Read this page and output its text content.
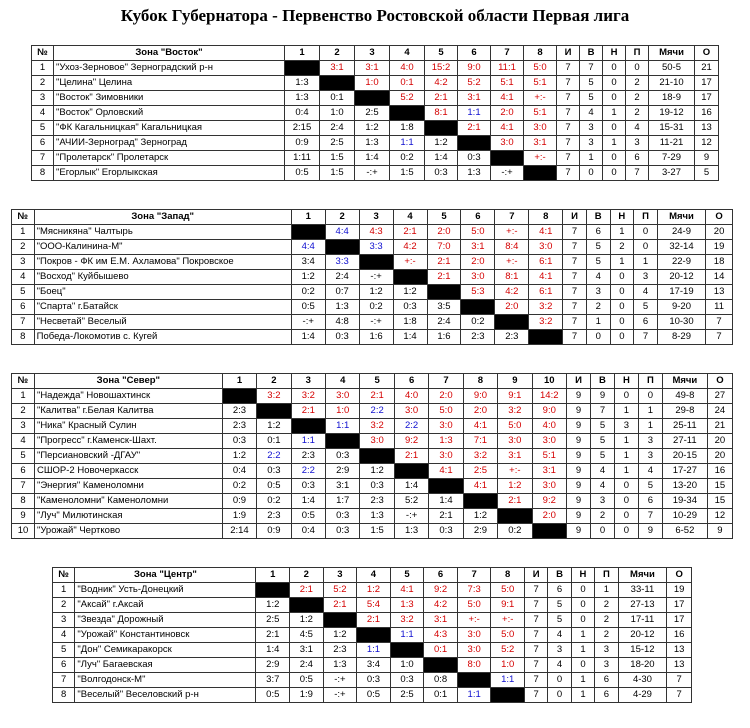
Кубок Губернатора - Первенство Ростовской области Первая лига
№	Зона "Восток"	1	2	3	4	5	6	7	8	И	В	Н	П	Мячи	О
1	"Ухоз-Зерновое" Зерноградский р-н		3:1	3:1	4:0	15:2	9:0	11:1	5:0	7	7	0	0	50-5	21
2	"Целина" Целина	1:3		1:0	0:1	4:2	5:2	5:1	5:1	7	5	0	2	21-10	17
3	"Восток" Зимовники	1:3	0:1		5:2	2:1	3:1	4:1	+:-	7	5	0	2	18-9	17
4	"Восток" Орловский	0:4	1:0	2:5		8:1	1:1	2:0	5:1	7	4	1	2	19-12	16
5	"ФК Кагальницкая" Кагальницкая	2:15	2:4	1:2	1:8		2:1	4:1	3:0	7	3	0	4	15-31	13
6	"АЧИИ-Зерноград" Зерноград	0:9	2:5	1:3	1:1	1:2		3:0	3:1	7	3	1	3	11-21	12
7	"Пролетарск" Пролетарск	1:11	1:5	1:4	0:2	1:4	0:3		+:-	7	1	0	6	7-29	9
8	"Егорлык" Егорлыкская	0:5	1:5	-:+	1:5	0:3	1:3	-:+		7	0	0	7	3-27	5
№	Зона "Запад"	1	2	3	4	5	6	7	8	И	В	Н	П	Мячи	О
1	"Мясникяна" Чалтырь		4:4	4:3	2:1	2:0	5:0	+:-	4:1	7	6	1	0	24-9	20
2	"ООО-Калинина-М"	4:4		3:3	4:2	7:0	3:1	8:4	3:0	7	5	2	0	32-14	19
3	"Покров - ФК им Е.М. Ахламова" Покровское	3:4	3:3		+:-	2:1	2:0	+:-	6:1	7	5	1	1	22-9	18
4	"Восход" Куйбышево	1:2	2:4	-:+		2:1	3:0	8:1	4:1	7	4	0	3	20-12	14
5	"Боец"	0:2	0:7	1:2	1:2		5:3	4:2	6:1	7	3	0	4	17-19	13
6	"Спарта" г.Батайск	0:5	1:3	0:2	0:3	3:5		2:0	3:2	7	2	0	5	9-20	11
7	"Несветай" Веселый	-:+	4:8	-:+	1:8	2:4	0:2		3:2	7	1	0	6	10-30	7
8	Победа-Локомотив с. Кугей	1:4	0:3	1:6	1:4	1:6	2:3	2:3		7	0	0	7	8-29	7
№	Зона "Север"	1	2	3	4	5	6	7	8	9	10	И	В	Н	П	Мячи	О
1	"Надежда" Новошахтинск		3:2	3:2	3:0	2:1	4:0	2:0	9:0	9:1	14:2	9	9	0	0	49-8	27
2	"Калитва" г.Белая Калитва	2:3		2:1	1:0	2:2	3:0	5:0	2:0	3:2	9:0	9	7	1	1	29-8	24
3	"Ника" Красный Сулин	2:3	1:2		1:1	3:2	2:2	3:0	4:1	5:0	4:0	9	5	3	1	25-11	21
4	"Прогресс" г.Каменск-Шахт.	0:3	0:1	1:1		3:0	9:2	1:3	7:1	3:0	3:0	9	5	1	3	27-11	20
5	"Персиановский -ДГАУ"	1:2	2:2	2:3	0:3		2:1	3:0	3:2	3:1	5:1	9	5	1	3	20-15	20
6	СШОР-2 Новочеркасск	0:4	0:3	2:2	2:9	1:2		4:1	2:5	+:-	3:1	9	4	1	4	17-27	16
7	"Энергия" Каменоломни	0:2	0:5	0:3	3:1	0:3	1:4		4:1	1:2	3:0	9	4	0	5	13-20	15
8	"Каменоломни" Каменоломни	0:9	0:2	1:4	1:7	2:3	5:2	1:4		2:1	9:2	9	3	0	6	19-34	15
9	"Луч" Милютинская	1:9	2:3	0:5	0:3	1:3	-:+	2:1	1:2		2:0	9	2	0	7	10-29	12
10	"Урожай" Чертково	2:14	0:9	0:4	0:3	1:5	1:3	0:3	2:9	0:2		9	0	0	9	6-52	9
№	Зона "Центр"	1	2	3	4	5	6	7	8	И	В	Н	П	Мячи	О
1	"Водник" Усть-Донецкий		2:1	5:2	1:2	4:1	9:2	7:3	5:0	7	6	0	1	33-11	19
2	"Аксай" г.Аксай	1:2		2:1	5:4	1:3	4:2	5:0	9:1	7	5	0	2	27-13	17
3	"Звезда" Дорожный	2:5	1:2		2:1	3:2	3:1	+:-	+:-	7	5	0	2	17-11	17
4	"Урожай" Константиновск	2:1	4:5	1:2		1:1	4:3	3:0	5:0	7	4	1	2	20-12	16
5	"Дон" Семикаракорск	1:4	3:1	2:3	1:1		0:1	3:0	5:2	7	3	1	3	15-12	13
6	"Луч" Багаевская	2:9	2:4	1:3	3:4	1:0		8:0	1:0	7	4	0	3	18-20	13
7	"Волгодонск-М"	3:7	0:5	-:+	0:3	0:3	0:8		1:1	7	0	1	6	4-30	7
8	"Веселый" Веселовский р-н	0:5	1:9	-:+	0:5	2:5	0:1	1:1		7	0	1	6	4-29	7
